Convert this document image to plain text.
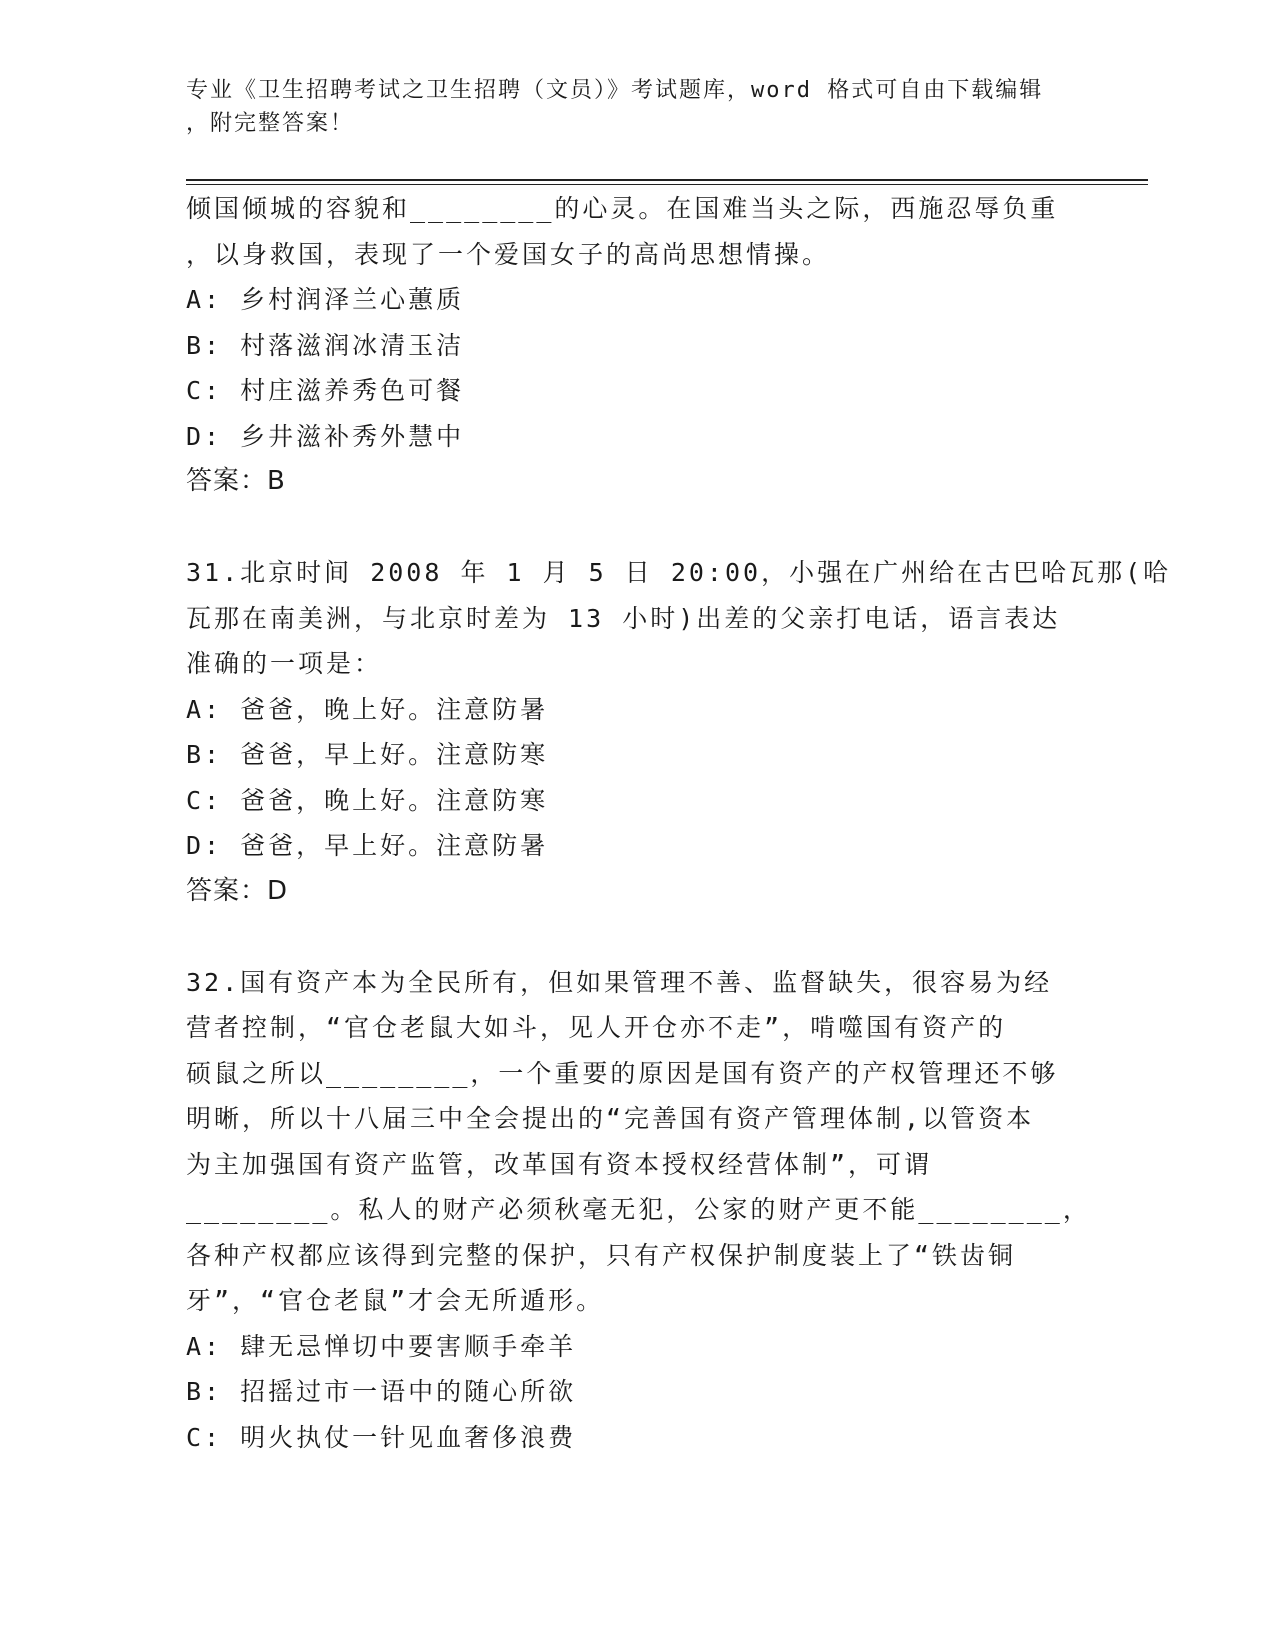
专业《卫生招聘考试之卫生招聘（文员）》考试题库，word 格式可自由下载编辑
，附完整答案！
倾国倾城的容貌和________的心灵。在国难当头之际，西施忍辱负重
，以身救国，表现了一个爱国女子的高尚思想情操。
A: 乡村润泽兰心蕙质
B: 村落滋润冰清玉洁
C: 村庄滋养秀色可餐
D: 乡井滋补秀外慧中
答案：B
31.北京时间 2008 年 1 月 5 日 20:00，小强在广州给在古巴哈瓦那(哈
瓦那在南美洲，与北京时差为 13 小时)出差的父亲打电话，语言表达
准确的一项是：
A: 爸爸，晚上好。注意防暑
B: 爸爸，早上好。注意防寒
C: 爸爸，晚上好。注意防寒
D: 爸爸，早上好。注意防暑
答案：D
32.国有资产本为全民所有，但如果管理不善、监督缺失，很容易为经
营者控制，“官仓老鼠大如斗，见人开仓亦不走”，啃噬国有资产的
硕鼠之所以________，一个重要的原因是国有资产的产权管理还不够
明晰，所以十八届三中全会提出的“完善国有资产管理体制,以管资本
为主加强国有资产监管，改革国有资本授权经营体制”，可谓
________。私人的财产必须秋毫无犯，公家的财产更不能________，
各种产权都应该得到完整的保护，只有产权保护制度装上了“铁齿铜
牙”，“官仓老鼠”才会无所遁形。
A: 肆无忌惮切中要害顺手牵羊
B: 招摇过市一语中的随心所欲
C: 明火执仗一针见血奢侈浪费
